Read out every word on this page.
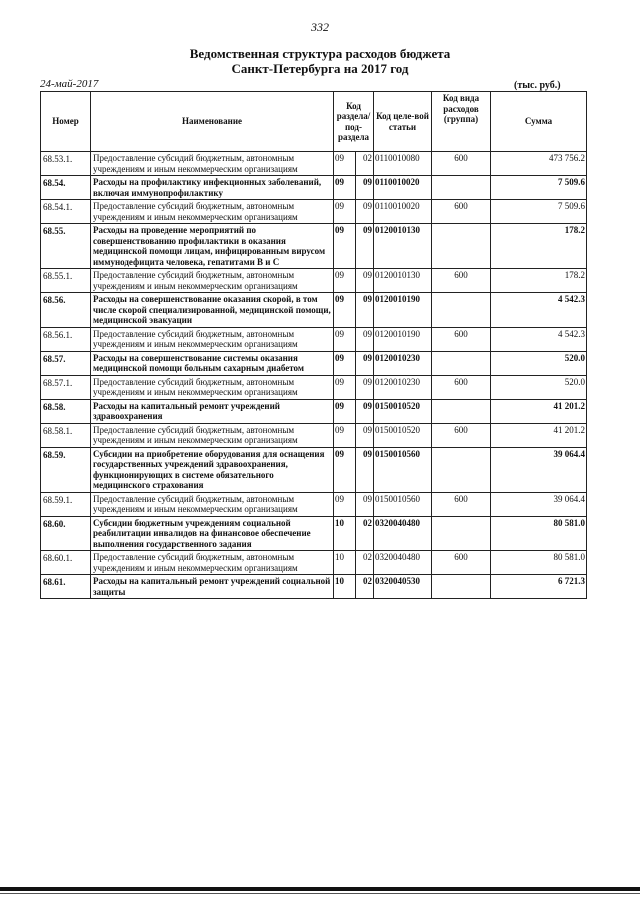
332
Ведомственная структура расходов бюджета
Санкт-Петербурга на 2017 год
24-май-2017	(тыс. руб.)
Номер	Наименование	Код раздела/ под-раздела		Код целе-вой статьи	Код вида расходов (группа)	Сумма
68.53.1.	Предоставление субсидий бюджетным, автономным учреждениям и иным некоммерческим организациям	09	02	0110010080	600	473 756.2
68.54.	Расходы на профилактику инфекционных заболеваний, включая иммунопрофилактику	09	09	0110010020		7 509.6
68.54.1.	Предоставление субсидий бюджетным, автономным учреждениям и иным некоммерческим организациям	09	09	0110010020	600	7 509.6
68.55.	Расходы на проведение мероприятий по совершенствованию профилактики в оказания медицинской помощи лицам, инфицированным вирусом иммунодефицита человека, гепатитами В и С	09	09	0120010130		178.2
68.55.1.	Предоставление субсидий бюджетным, автономным учреждениям и иным некоммерческим организациям	09	09	0120010130	600	178.2
68.56.	Расходы на совершенствование оказания скорой, в том числе скорой специализированной, медицинской помощи, медицинской эвакуации	09	09	0120010190		4 542.3
68.56.1.	Предоставление субсидий бюджетным, автономным учреждениям и иным некоммерческим организациям	09	09	0120010190	600	4 542.3
68.57.	Расходы на совершенствование системы оказания медицинской помощи больным сахарным диабетом	09	09	0120010230		520.0
68.57.1.	Предоставление субсидий бюджетным, автономным учреждениям и иным некоммерческим организациям	09	09	0120010230	600	520.0
68.58.	Расходы на капитальный ремонт учреждений здравоохранения	09	09	0150010520		41 201.2
68.58.1.	Предоставление субсидий бюджетным, автономным учреждениям и иным некоммерческим организациям	09	09	0150010520	600	41 201.2
68.59.	Субсидии на приобретение оборудования для оснащения государственных учреждений здравоохранения, функционирующих в системе обязательного медицинского страхования	09	09	0150010560		39 064.4
68.59.1.	Предоставление субсидий бюджетным, автономным учреждениям и иным некоммерческим организациям	09	09	0150010560	600	39 064.4
68.60.	Субсидии бюджетным учреждениям социальной реабилитации инвалидов на финансовое обеспечение выполнения государственного задания	10	02	0320040480		80 581.0
68.60.1.	Предоставление субсидий бюджетным, автономным учреждениям и иным некоммерческим организациям	10	02	0320040480	600	80 581.0
68.61.	Расходы на капитальный ремонт учреждений социальной защиты	10	02	0320040530		6 721.3
